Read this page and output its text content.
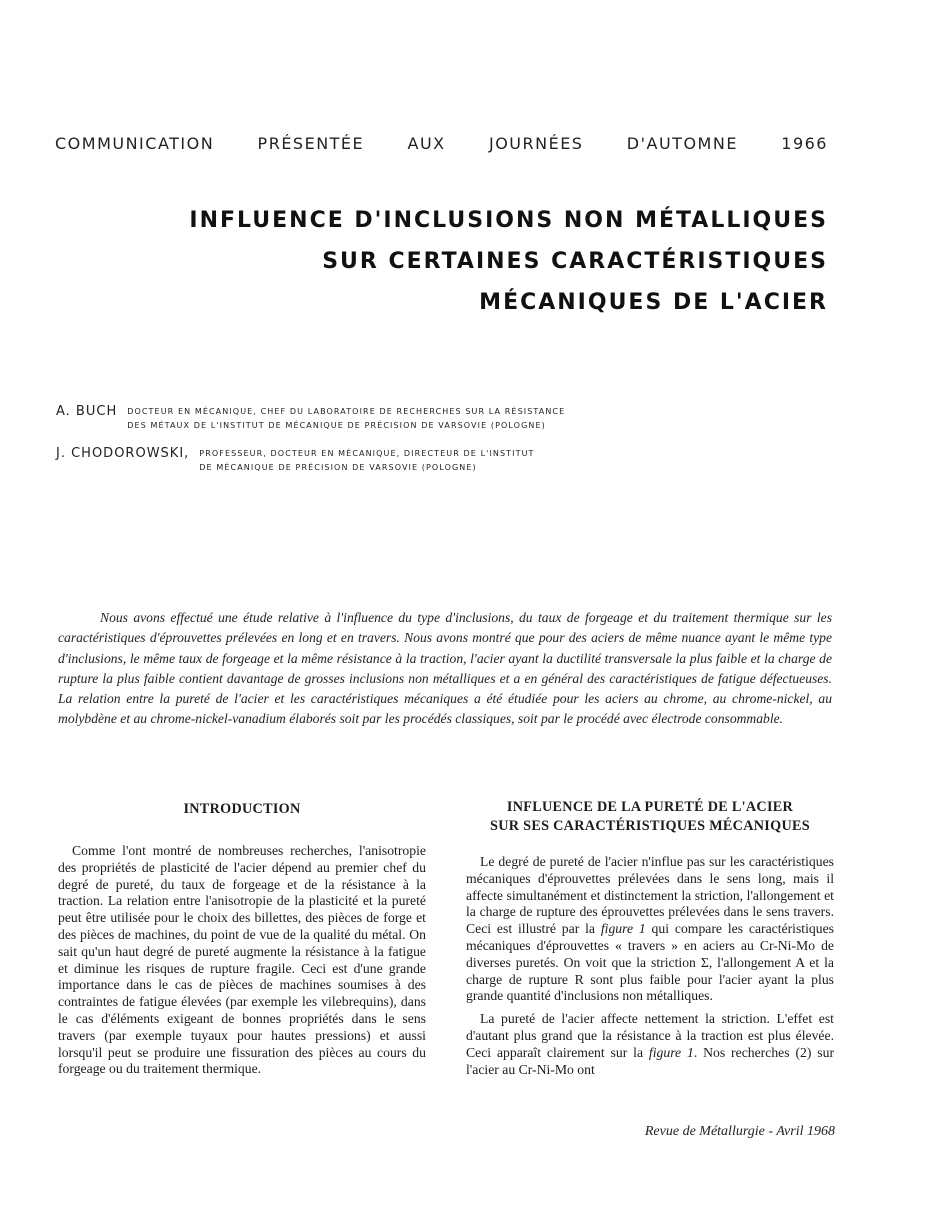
COMMUNICATION	PRÉSENTÉE	AUX	JOURNÉES	D'AUTOMNE	1966
INFLUENCE D'INCLUSIONS NON MÉTALLIQUES
SUR CERTAINES CARACTÉRISTIQUES
MÉCANIQUES DE L'ACIER
A. BUCH DOCTEUR EN MÉCANIQUE, CHEF DU LABORATOIRE DE RECHERCHES SUR LA RÉSISTANCE
DES MÉTAUX DE L'INSTITUT DE MÉCANIQUE DE PRÉCISION DE VARSOVIE (POLOGNE)
J. CHODOROWSKI, PROFESSEUR, DOCTEUR EN MÉCANIQUE, DIRECTEUR DE L'INSTITUT
DE MÉCANIQUE DE PRÉCISION DE VARSOVIE (POLOGNE)
Nous avons effectué une étude relative à l'influence du type d'inclusions, du taux de forgeage et du traitement thermique sur les caractéristiques d'éprouvettes prélevées en long et en travers. Nous avons montré que pour des aciers de même nuance ayant le même type d'inclusions, le même taux de forgeage et la même résistance à la traction, l'acier ayant la ductilité transversale la plus faible et la charge de rupture la plus faible contient davantage de grosses inclusions non métalliques et a en général des caractéristiques de fatigue défectueuses. La relation entre la pureté de l'acier et les caractéristiques mécaniques a été étudiée pour les aciers au chrome, au chrome-nickel, au molybdène et au chrome-nickel-vanadium élaborés soit par les procédés classiques, soit par le procédé avec électrode consommable.
INTRODUCTION

Comme l'ont montré de nombreuses recherches, l'anisotropie des propriétés de plasticité de l'acier dépend au premier chef du degré de pureté, du taux de forgeage et de la résistance à la traction. La relation entre l'anisotropie de la plasticité et la pureté peut être utilisée pour le choix des billettes, des pièces de forge et des pièces de machines, du point de vue de la qualité du métal. On sait qu'un haut degré de pureté augmente la résistance à la fatigue et diminue les risques de rupture fragile. Ceci est d'une grande importance dans le cas de pièces de machines soumises à des contraintes de fatigue élevées (par exemple les vilebrequins), dans le cas d'éléments exigeant de bonnes propriétés dans le sens travers (par exemple tuyaux pour hautes pressions) et aussi lorsqu'il peut se produire une fissuration des pièces au cours du forgeage ou du traitement thermique.

INFLUENCE DE LA PURETÉ DE L'ACIER
SUR SES CARACTÉRISTIQUES MÉCANIQUES

Le degré de pureté de l'acier n'influe pas sur les caractéristiques mécaniques d'éprouvettes prélevées dans le sens long, mais il affecte simultanément et distinctement la striction, l'allongement et la charge de rupture des éprouvettes prélevées dans le sens travers. Ceci est illustré par la figure 1 qui compare les caractéristiques mécaniques d'éprouvettes « travers » en aciers au Cr-Ni-Mo de diverses puretés. On voit que la striction Σ, l'allongement A et la charge de rupture R sont plus faible pour l'acier ayant la plus grande quantité d'inclusions non métalliques.

La pureté de l'acier affecte nettement la striction. L'effet est d'autant plus grand que la résistance à la traction est plus élevée. Ceci apparaît clairement sur la figure 1. Nos recherches (2) sur l'acier au Cr-Ni-Mo ont

Revue de Métallurgie - Avril 1968
